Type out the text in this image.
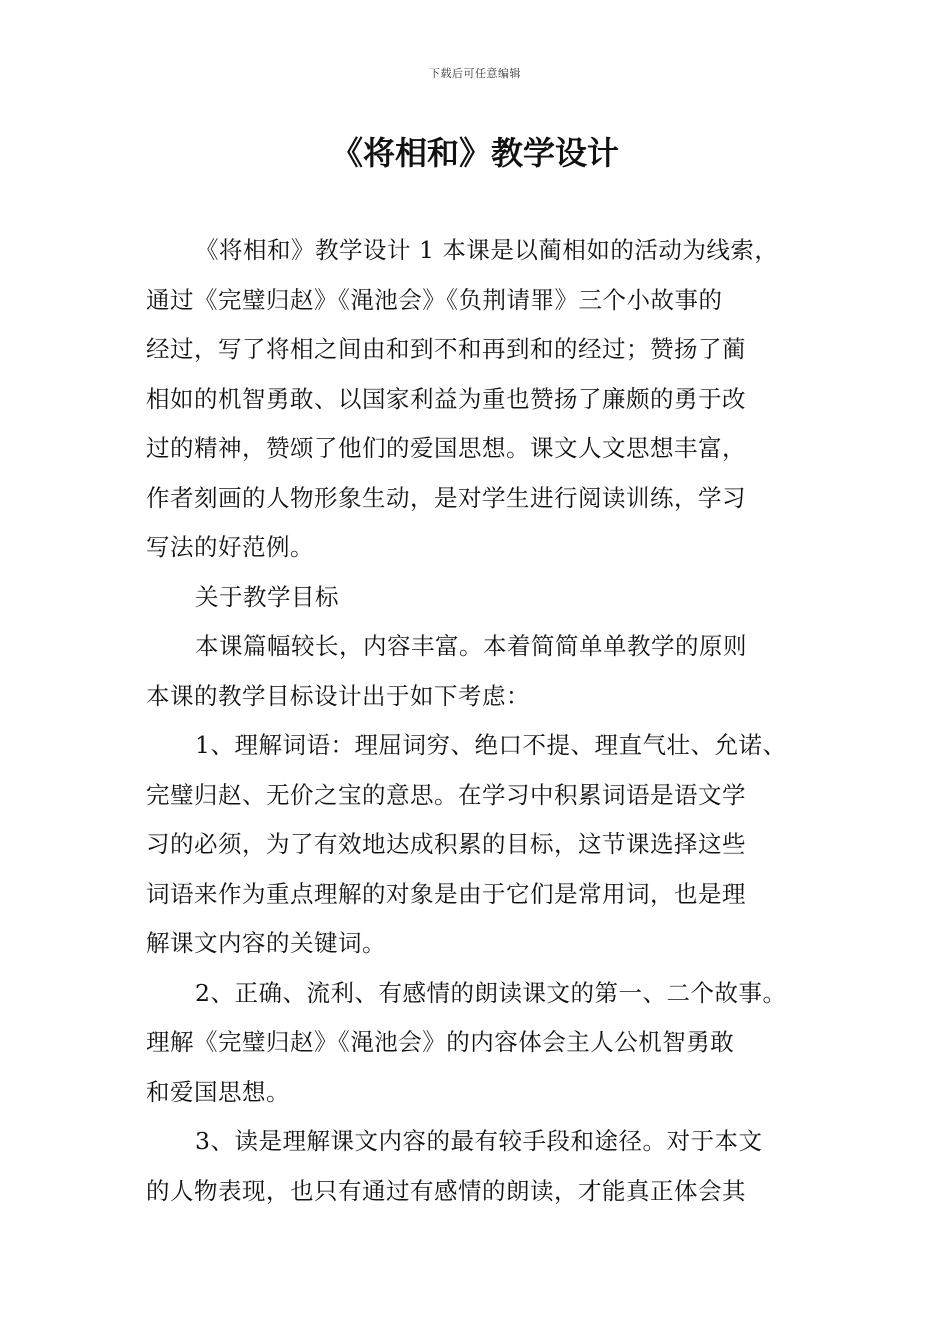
下载后可任意编辑
《将相和》教学设计
《将相和》教学设计 1 本课是以蔺相如的活动为线索，
通过《完璧归赵》《渑池会》《负荆请罪》三个小故事的
经过，写了将相之间由和到不和再到和的经过；赞扬了蔺
相如的机智勇敢、以国家利益为重也赞扬了廉颇的勇于改
过的精神，赞颂了他们的爱国思想。课文人文思想丰富，
作者刻画的人物形象生动，是对学生进行阅读训练，学习
写法的好范例。
关于教学目标
本课篇幅较长，内容丰富。本着简简单单教学的原则
本课的教学目标设计出于如下考虑：
1、理解词语：理屈词穷、绝口不提、理直气壮、允诺、
完璧归赵、无价之宝的意思。在学习中积累词语是语文学
习的必须，为了有效地达成积累的目标，这节课选择这些
词语来作为重点理解的对象是由于它们是常用词，也是理
解课文内容的关键词。
2、正确、流利、有感情的朗读课文的第一、二个故事。
理解《完璧归赵》《渑池会》的内容体会主人公机智勇敢
和爱国思想。
3、读是理解课文内容的最有较手段和途径。对于本文
的人物表现，也只有通过有感情的朗读，才能真正体会其
